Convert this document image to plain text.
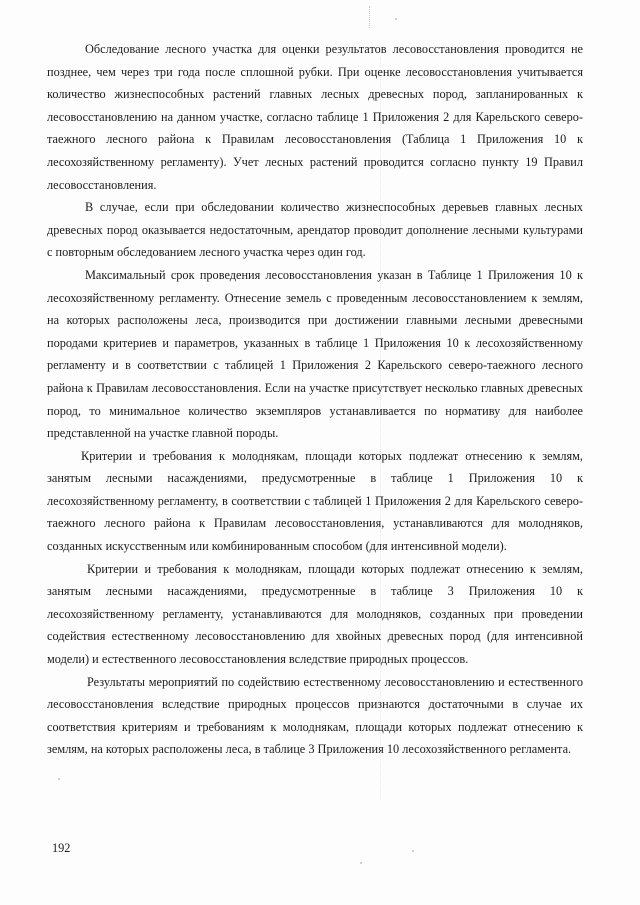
Обследование лесного участка для оценки результатов лесовосстановления проводится не позднее, чем через три года после сплошной рубки. При оценке лесовосстановления учитывается количество жизнеспособных растений главных лесных древесных пород, запланированных к лесовосстановлению на данном участке, согласно таблице 1 Приложения 2 для Карельского северо-таежного лесного района к Правилам лесовосстановления (Таблица 1 Приложения 10 к лесохозяйственному регламенту). Учет лесных растений проводится согласно пункту 19 Правил лесовосстановления.

В случае, если при обследовании количество жизнеспособных деревьев главных лесных древесных пород оказывается недостаточным, арендатор проводит дополнение лесными культурами с повторным обследованием лесного участка через один год.

Максимальный срок проведения лесовосстановления указан в Таблице 1 Приложения 10 к лесохозяйственному регламенту. Отнесение земель с проведенным лесовосстановлением к землям, на которых расположены леса, производится при достижении главными лесными древесными породами критериев и параметров, указанных в таблице 1 Приложения 10 к лесохозяйственному регламенту и в соответствии с таблицей 1 Приложения 2 Карельского северо-таежного лесного района к Правилам лесовосстановления. Если на участке присутствует несколько главных древесных пород, то минимальное количество экземпляров устанавливается по нормативу для наиболее представленной на участке главной породы.

Критерии и требования к молоднякам, площади которых подлежат отнесению к землям, занятым лесными насаждениями, предусмотренные в таблице 1 Приложения 10 к лесохозяйственному регламенту, в соответствии с таблицей 1 Приложения 2 для Карельского северо-таежного лесного района к Правилам лесовосстановления, устанавливаются для молодняков, созданных искусственным или комбинированным способом (для интенсивной модели).

Критерии и требования к молоднякам, площади которых подлежат отнесению к землям, занятым лесными насаждениями, предусмотренные в таблице 3 Приложения 10 к лесохозяйственному регламенту, устанавливаются для молодняков, созданных при проведении содействия естественному лесовосстановлению для хвойных древесных пород (для интенсивной модели) и естественного лесовосстановления вследствие природных процессов.

Результаты мероприятий по содействию естественному лесовосстановлению и естественного лесовосстановления вследствие природных процессов признаются достаточными в случае их соответствия критериям и требованиям к молоднякам, площади которых подлежат отнесению к землям, на которых расположены леса, в таблице 3 Приложения 10 лесохозяйственного регламента.

192
